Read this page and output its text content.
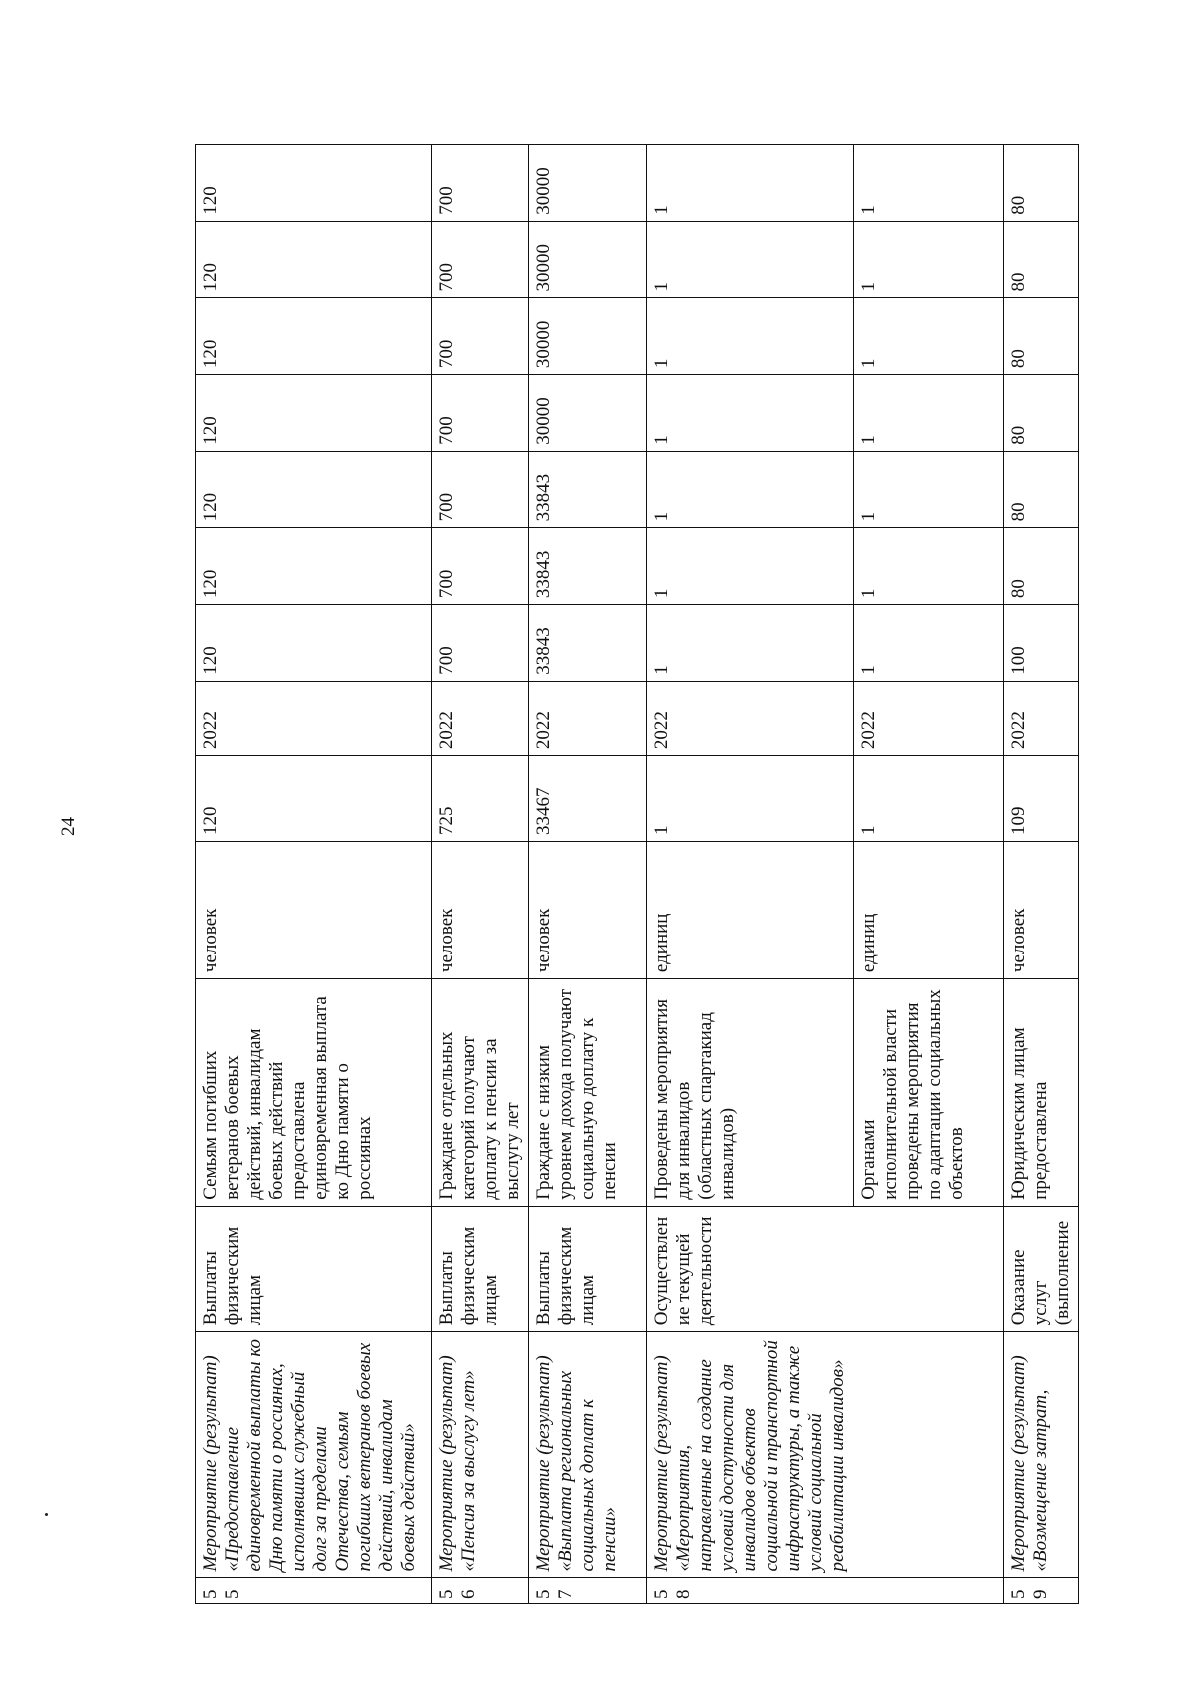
24
55	Мероприятие (результат) «Предоставление единовременной выплаты ко Дню памяти о россиянах, исполнявших служебный долг за пределами Отечества, семьям погибших ветеранов боевых действий, инвалидам боевых действий»	Выплаты физическим лицам	Семьям погибших ветеранов боевых действий, инвалидам боевых действий предоставлена единовременная выплата ко Дню памяти о россиянах	человек	120	2022	120	120	120	120	120	120	120
56	Мероприятие (результат) «Пенсия за выслугу лет»	Выплаты физическим лицам	Граждане отдельных категорий получают доплату к пенсии за выслугу лет	человек	725	2022	700	700	700	700	700	700	700
57	Мероприятие (результат) «Выплата региональных социальных доплат к пенсии»	Выплаты физическим лицам	Граждане с низким уровнем дохода получают социальную доплату к пенсии	человек	33467	2022	33843	33843	33843	30000	30000	30000	30000
58	Мероприятие (результат) «Мероприятия, направленные на создание условий доступности для инвалидов объектов социальной и транспортной инфраструктуры, а также условий социальной реабилитации инвалидов»	Осуществление текущей деятельности	Проведены мероприятия для инвалидов (областных спартакиад инвалидов)	единиц	1	2022	1	1	1	1	1	1	1
			Органами исполнительной власти проведены мероприятия по адаптации социальных объектов	единиц	1	2022	1	1	1	1	1	1	1
59	Мероприятие (результат) «Возмещение затрат,	Оказание услуг (выполнение	Юридическим лицам предоставлена	человек	109	2022	100	80	80	80	80	80	80
